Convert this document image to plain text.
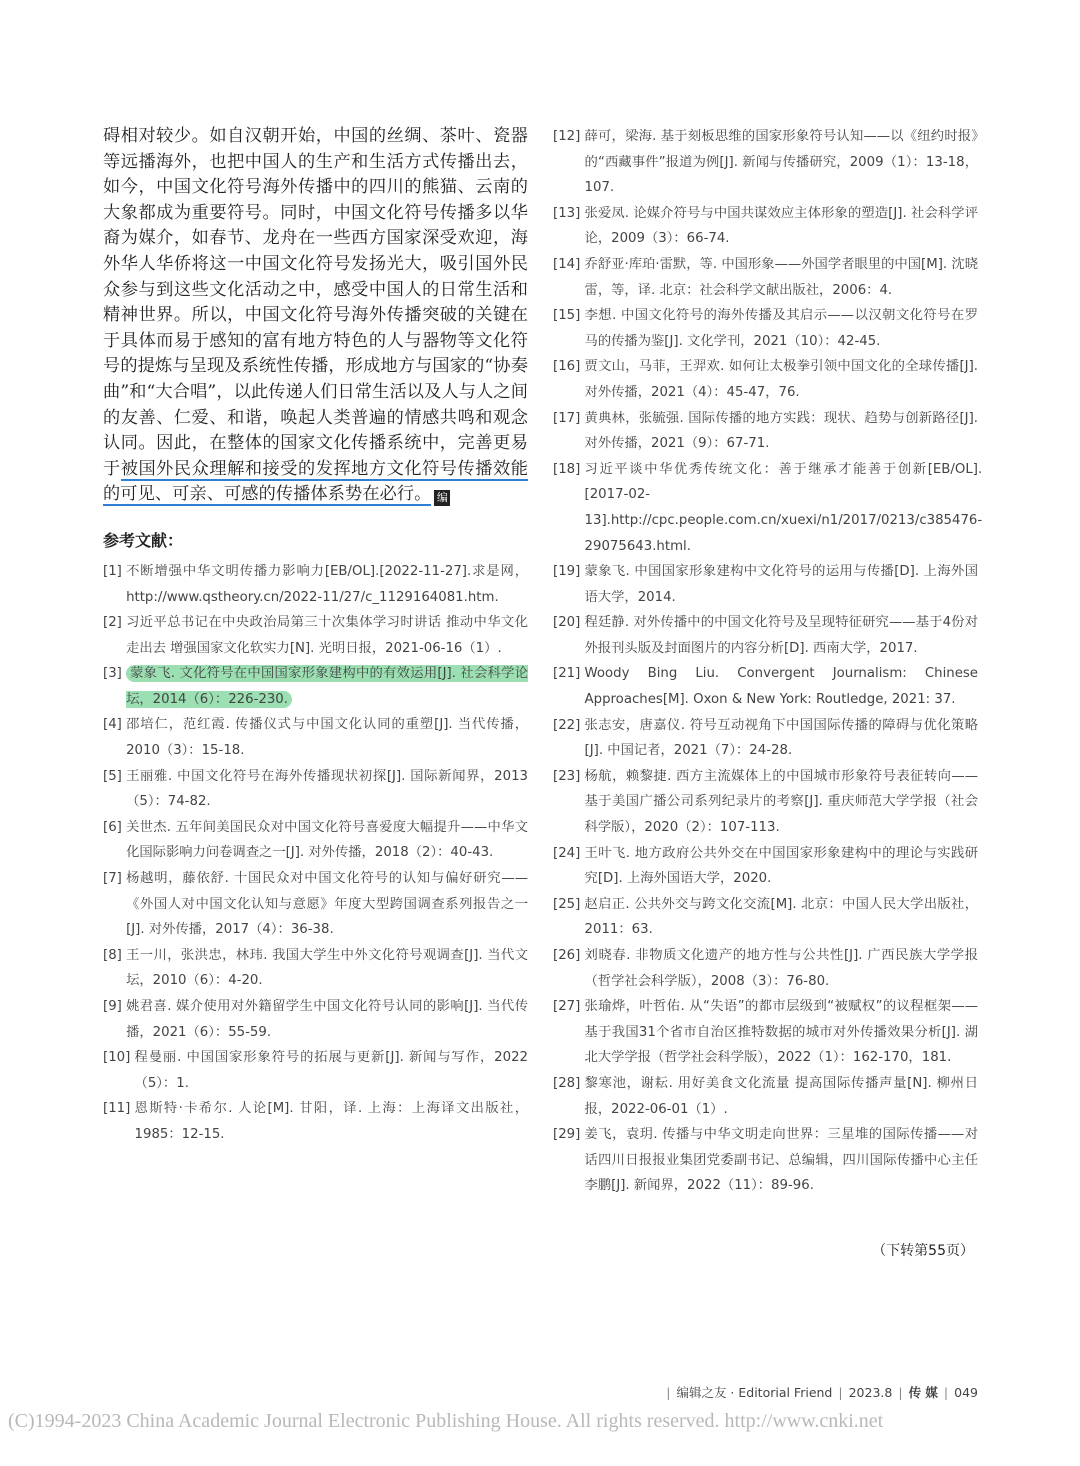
碍相对较少。如自汉朝开始，中国的丝绸、茶叶、瓷器等远播海外，也把中国人的生产和生活方式传播出去，如今，中国文化符号海外传播中的四川的熊猫、云南的大象都成为重要符号。同时，中国文化符号传播多以华裔为媒介，如春节、龙舟在一些西方国家深受欢迎，海外华人华侨将这一中国文化符号发扬光大，吸引国外民众参与到这些文化活动之中，感受中国人的日常生活和精神世界。所以，中国文化符号海外传播突破的关键在于具体而易于感知的富有地方特色的人与器物等文化符号的提炼与呈现及系统性传播，形成地方与国家的“协奏曲”和“大合唱”，以此传递人们日常生活以及人与人之间的友善、仁爱、和谐，唤起人类普遍的情感共鸣和观念认同。因此，在整体的国家文化传播系统中，完善更易于被国外民众理解和接受的发挥地方文化符号传播效能的可见、可亲、可感的传播体系势在必行。 编
参考文献：
[1] 不断增强中华文明传播力影响力[EB/OL].[2022-11-27].求是网，http://www.qstheory.cn/2022-11/27/c_1129164081.htm.
[2] 习近平总书记在中央政治局第三十次集体学习时讲话 推动中华文化走出去 增强国家文化软实力[N]. 光明日报，2021-06-16（1）.
[3] 蒙象飞. 文化符号在中国国家形象建构中的有效运用[J]. 社会科学论坛，2014（6）：226-230.
[4] 邵培仁，范红霞. 传播仪式与中国文化认同的重塑[J]. 当代传播，2010（3）：15-18.
[5] 王丽雅. 中国文化符号在海外传播现状初探[J]. 国际新闻界，2013（5）：74-82.
[6] 关世杰. 五年间美国民众对中国文化符号喜爱度大幅提升——中华文化国际影响力问卷调查之一[J]. 对外传播，2018（2）：40-43.
[7] 杨越明，藤依舒. 十国民众对中国文化符号的认知与偏好研究——《外国人对中国文化认知与意愿》年度大型跨国调查系列报告之一[J]. 对外传播，2017（4）：36-38.
[8] 王一川，张洪忠，林玮. 我国大学生中外文化符号观调查[J]. 当代文坛，2010（6）：4-20.
[9] 姚君喜. 媒介使用对外籍留学生中国文化符号认同的影响[J]. 当代传播，2021（6）：55-59.
[10] 程曼丽. 中国国家形象符号的拓展与更新[J]. 新闻与写作，2022（5）：1.
[11] 恩斯特·卡希尔. 人论[M]. 甘阳，译. 上海：上海译文出版社，1985：12-15.
[12] 薛可，梁海. 基于刻板思维的国家形象符号认知——以《纽约时报》的“西藏事件”报道为例[J]. 新闻与传播研究，2009（1）：13-18，107.
[13] 张爱凤. 论媒介符号与中国共谋效应主体形象的塑造[J]. 社会科学评论，2009（3）：66-74.
[14] 乔舒亚·库珀·雷默，等. 中国形象——外国学者眼里的中国[M]. 沈晓雷，等，译. 北京：社会科学文献出版社，2006：4.
[15] 李想. 中国文化符号的海外传播及其启示——以汉朝文化符号在罗马的传播为鉴[J]. 文化学刊，2021（10）：42-45.
[16] 贾文山，马菲，王羿欢. 如何让太极拳引领中国文化的全球传播[J]. 对外传播，2021（4）：45-47，76.
[17] 黄典林，张毓强. 国际传播的地方实践：现状、趋势与创新路径[J]. 对外传播，2021（9）：67-71.
[18] 习近平谈中华优秀传统文化：善于继承才能善于创新[EB/OL].[2017-02-13].http://cpc.people.com.cn/xuexi/n1/2017/0213/c385476-29075643.html.
[19] 蒙象飞. 中国国家形象建构中文化符号的运用与传播[D]. 上海外国语大学，2014.
[20] 程廷静. 对外传播中的中国文化符号及呈现特征研究——基于4份对外报刊头版及封面图片的内容分析[D]. 西南大学，2017.
[21] Woody Bing Liu. Convergent Journalism: Chinese Approaches[M]. Oxon & New York: Routledge, 2021: 37.
[22] 张志安，唐嘉仪. 符号互动视角下中国国际传播的障碍与优化策略[J]. 中国记者，2021（7）：24-28.
[23] 杨航，赖黎捷. 西方主流媒体上的中国城市形象符号表征转向——基于美国广播公司系列纪录片的考察[J]. 重庆师范大学学报（社会科学版），2020（2）：107-113.
[24] 王叶飞. 地方政府公共外交在中国国家形象建构中的理论与实践研究[D]. 上海外国语大学，2020.
[25] 赵启正. 公共外交与跨文化交流[M]. 北京：中国人民大学出版社，2011：63.
[26] 刘晓春. 非物质文化遗产的地方性与公共性[J]. 广西民族大学学报（哲学社会科学版），2008（3）：76-80.
[27] 张瑜烨，叶哲佑. 从“失语”的都市层级到“被赋权”的议程框架——基于我国31个省市自治区推特数据的城市对外传播效果分析[J]. 湖北大学学报（哲学社会科学版），2022（1）：162-170，181.
[28] 黎寒池，谢耘. 用好美食文化流量 提高国际传播声量[N]. 柳州日报，2022-06-01（1）.
[29] 姜飞，袁玥. 传播与中华文明走向世界：三星堆的国际传播——对话四川日报报业集团党委副书记、总编辑，四川国际传播中心主任李鹏[J]. 新闻界，2022（11）：89-96.
（下转第55页）
| 编辑之友 · Editorial Friend | 2023.8 | 传 媒 | 049
(C)1994-2023 China Academic Journal Electronic Publishing House. All rights reserved. http://www.cnki.net
